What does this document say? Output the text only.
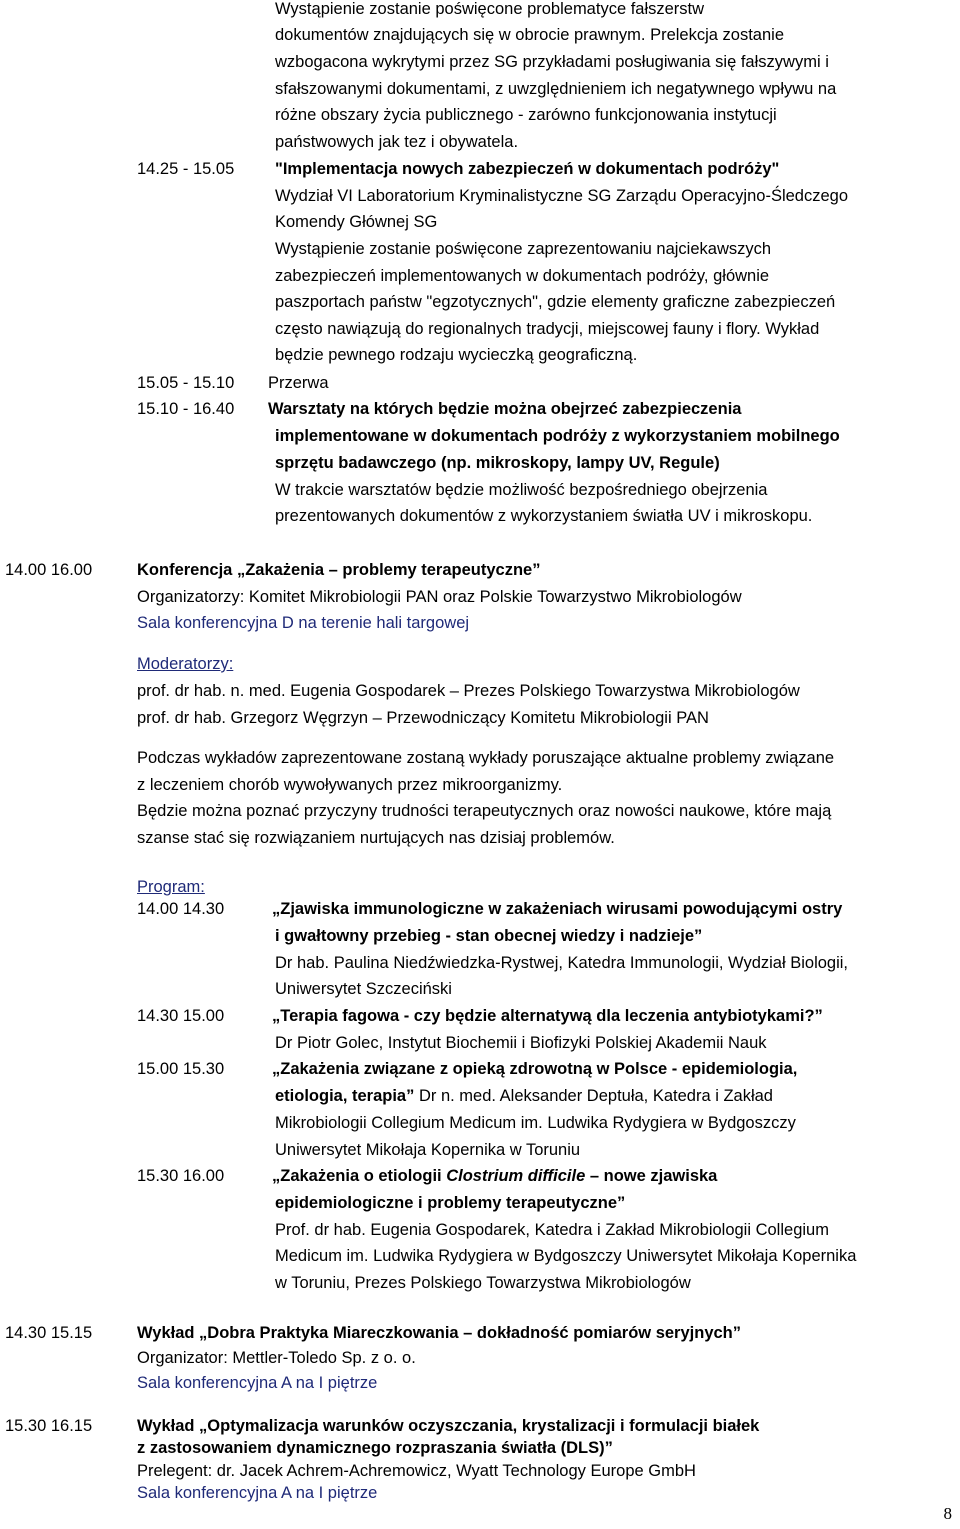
Wystąpienie zostanie poświęcone problematyce fałszerstw
dokumentów znajdujących się w obrocie prawnym. Prelekcja zostanie
wzbogacona wykrytymi przez SG przykładami posługiwania się fałszywymi i
sfałszowanymi dokumentami, z uwzględnieniem ich negatywnego wpływu na
różne obszary życia publicznego - zarówno funkcjonowania instytucji
państwowych jak tez i obywatela.
14.25 - 15.05 "Implementacja nowych zabezpieczeń w dokumentach podróży"
Wydział VI Laboratorium Kryminalistyczne SG Zarządu Operacyjno-Śledczego
Komendy Głównej SG
Wystąpienie zostanie poświęcone zaprezentowaniu najciekawszych
zabezpieczeń implementowanych w dokumentach podróży, głównie
paszportach państw "egzotycznych", gdzie elementy graficzne zabezpieczeń
często nawiązują do regionalnych tradycji, miejscowej fauny i flory. Wykład
będzie pewnego rodzaju wycieczką geograficzną.
15.05 - 15.10 Przerwa
15.10 - 16.40 Warsztaty na których będzie można obejrzeć zabezpieczenia
implementowane w dokumentach podróży z wykorzystaniem mobilnego
sprzętu badawczego (np. mikroskopy, lampy UV, Regule)
W trakcie warsztatów będzie możliwość bezpośredniego obejrzenia
prezentowanych dokumentów z wykorzystaniem światła UV i mikroskopu.
14.00 16.00	Konferencja „Zakażenia – problemy terapeutyczne”
Organizatorzy: Komitet Mikrobiologii PAN oraz Polskie Towarzystwo Mikrobiologów
Sala konferencyjna D na terenie hali targowej
Moderatorzy:
prof. dr hab. n. med. Eugenia Gospodarek – Prezes Polskiego Towarzystwa Mikrobiologów
prof. dr hab. Grzegorz Węgrzyn – Przewodniczący Komitetu Mikrobiologii PAN
Podczas wykładów zaprezentowane zostaną wykłady poruszające aktualne problemy związane
z leczeniem chorób wywoływanych przez mikroorganizmy.
Będzie można poznać przyczyny trudności terapeutycznych oraz nowości naukowe, które mają
szanse stać się rozwiązaniem nurtujących nas dzisiaj problemów.
Program:
14.00 14.30	„Zjawiska immunologiczne w zakażeniach wirusami powodującymi ostry
i gwałtowny przebieg - stan obecnej wiedzy i nadzieje”
Dr hab. Paulina Niedźwiedzka-Rystwej, Katedra Immunologii, Wydział Biologii,
Uniwersytet Szczeciński
14.30 15.00	„Terapia fagowa - czy będzie alternatywą dla leczenia antybiotykami?”
Dr Piotr Golec, Instytut Biochemii i Biofizyki Polskiej Akademii Nauk
15.00 15.30	„Zakażenia związane z opieką zdrowotną w Polsce - epidemiologia,
etiologia, terapia” Dr n. med. Aleksander Deptuła, Katedra i Zakład
Mikrobiologii Collegium Medicum im. Ludwika Rydygiera w Bydgoszczy
Uniwersytet Mikołaja Kopernika w Toruniu
15.30 16.00	„Zakażenia o etiologii Clostrium difficile – nowe zjawiska
epidemiologiczne i problemy terapeutyczne”
Prof. dr hab. Eugenia Gospodarek, Katedra i Zakład Mikrobiologii Collegium
Medicum im. Ludwika Rydygiera w Bydgoszczy Uniwersytet Mikołaja Kopernika
w Toruniu, Prezes Polskiego Towarzystwa Mikrobiologów
14.30 15.15	Wykład „Dobra Praktyka Miareczkowania – dokładność pomiarów seryjnych”
Organizator: Mettler-Toledo Sp. z o. o.
Sala konferencyjna A na I piętrze
15.30 16.15	Wykład „Optymalizacja warunków oczyszczania, krystalizacji i formulacji białek
z zastosowaniem dynamicznego rozpraszania światła (DLS)”
Prelegent: dr. Jacek Achrem-Achremowicz, Wyatt Technology Europe GmbH
Sala konferencyjna A na I piętrze
8
